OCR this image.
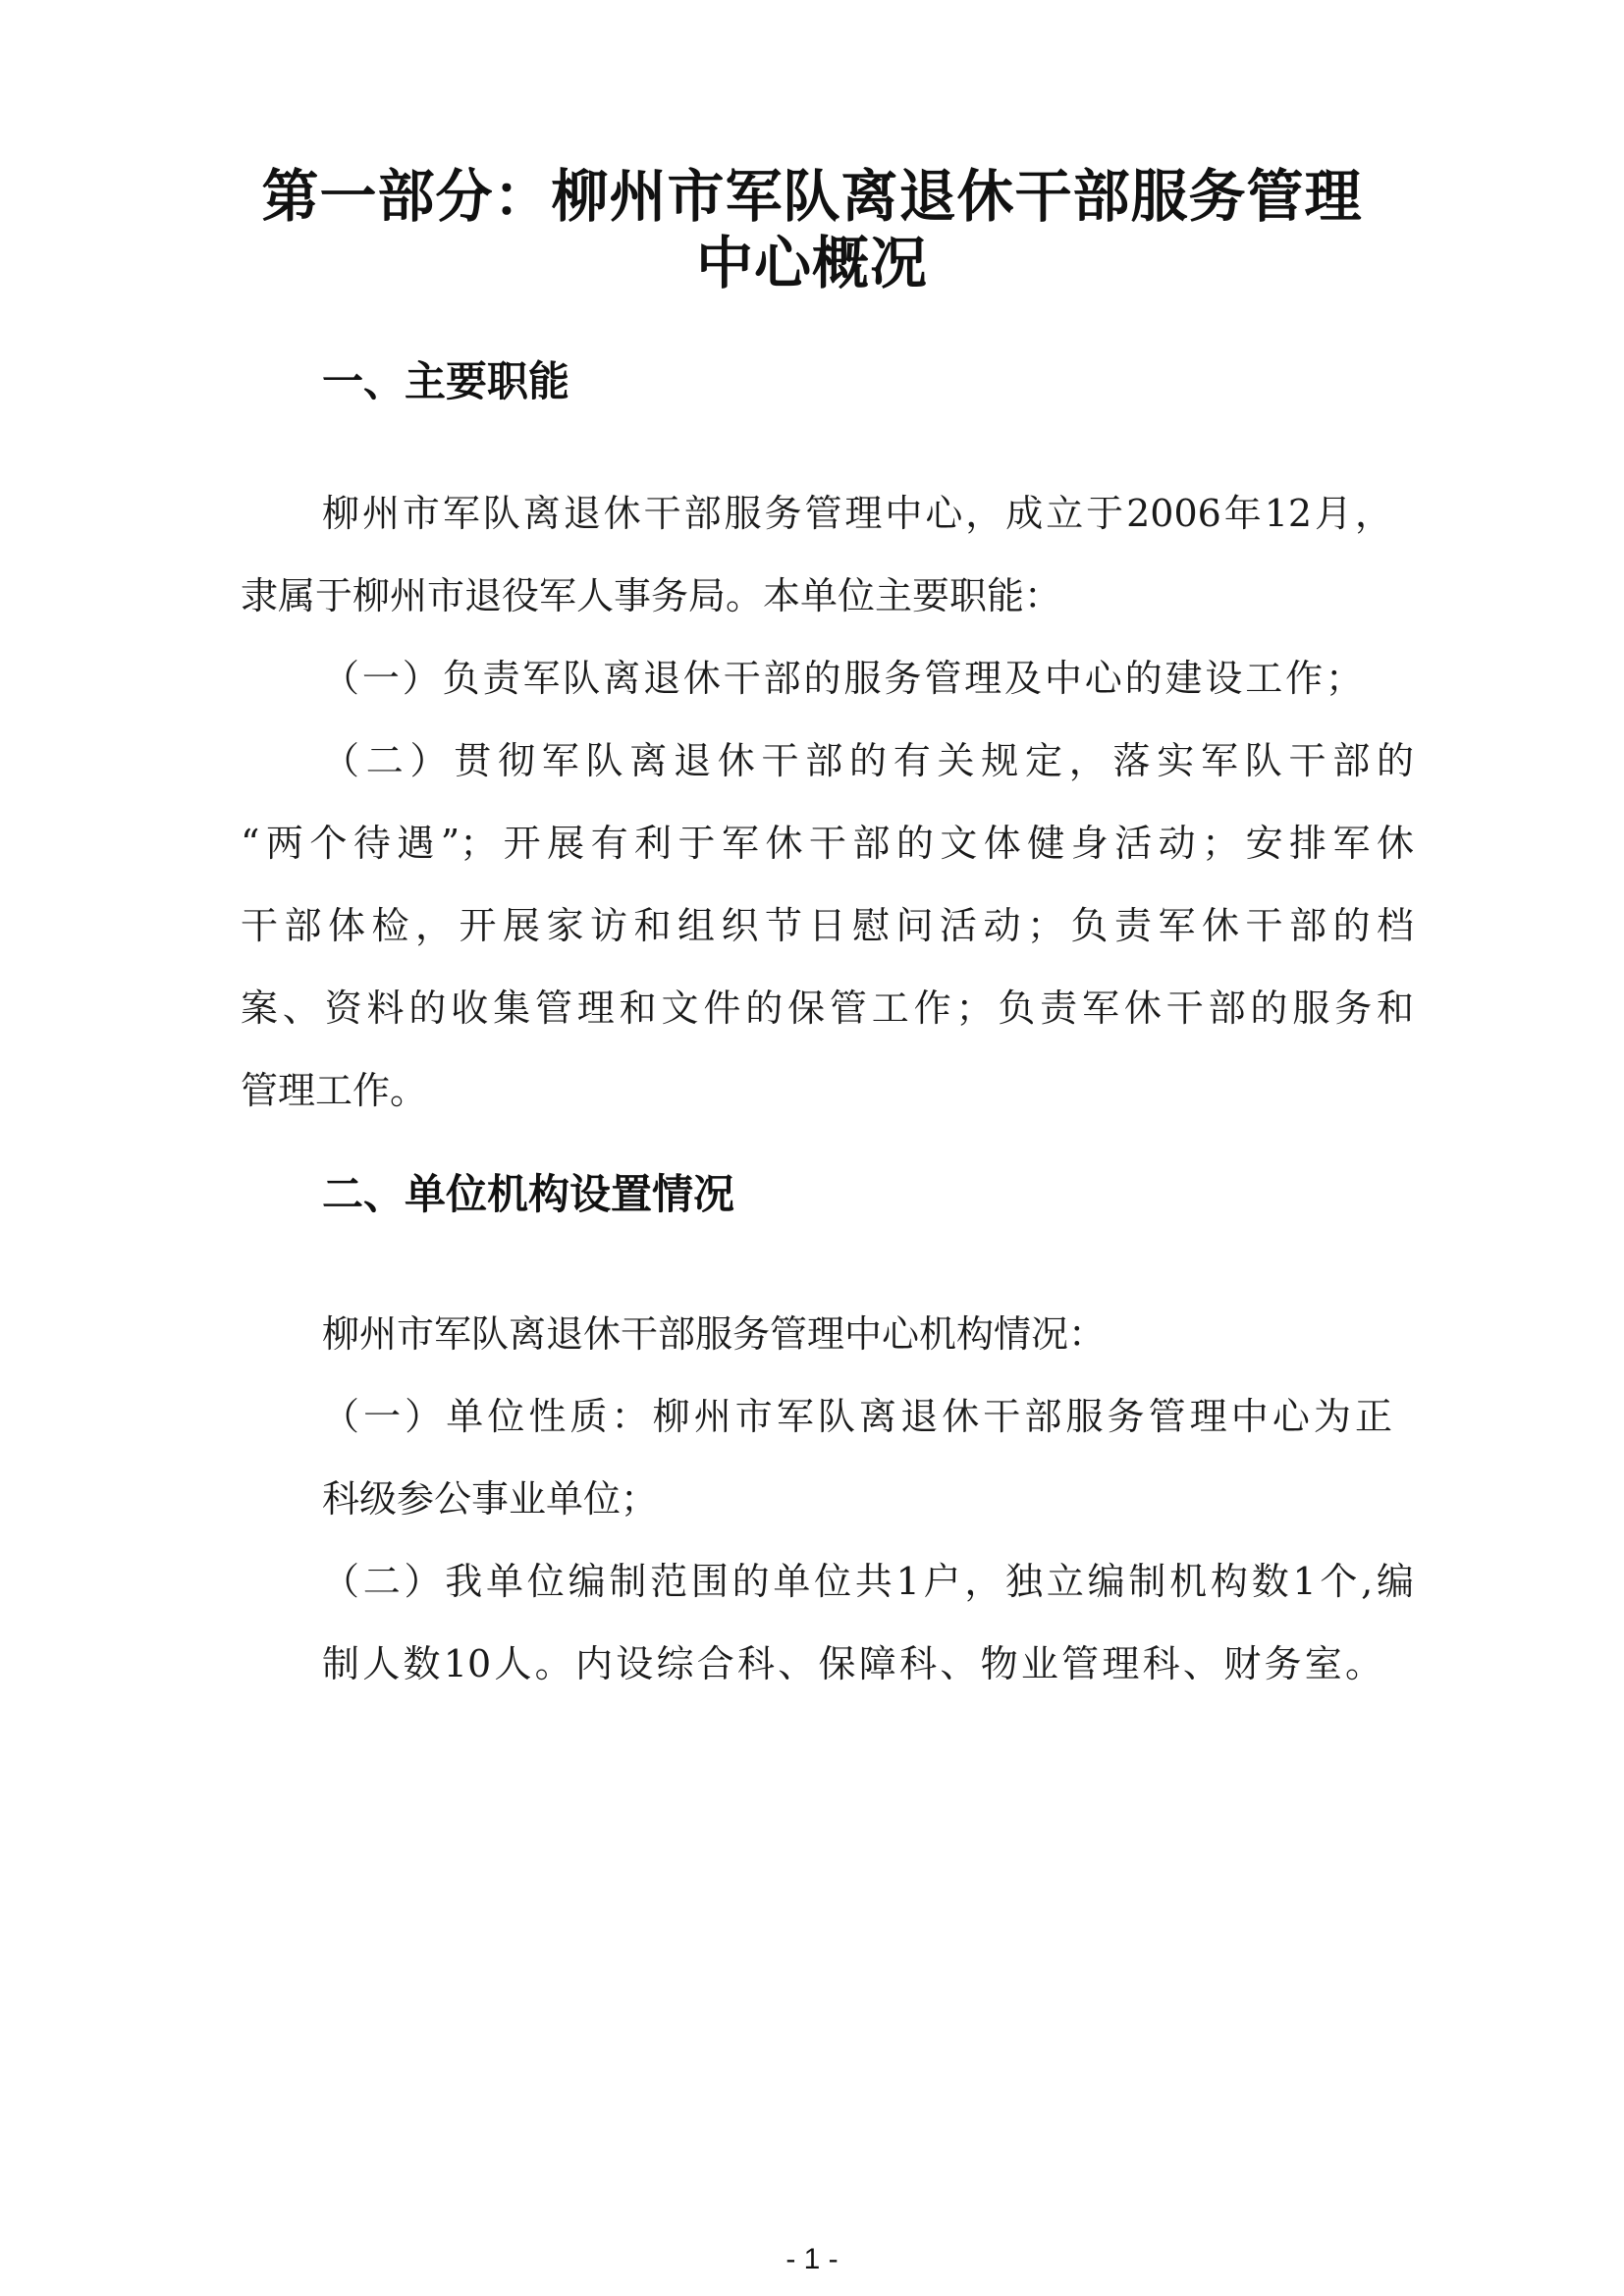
第一部分：柳州市军队离退休干部服务管理
中心概况
一、主要职能
柳州市军队离退休干部服务管理中心，成立于2006年12月，
隶属于柳州市退役军人事务局。本单位主要职能：
（一）负责军队离退休干部的服务管理及中心的建设工作；
（二）贯彻军队离退休干部的有关规定，落实军队干部的
“两个待遇”；开展有利于军休干部的文体健身活动；安排军休
干部体检，开展家访和组织节日慰问活动；负责军休干部的档
案、资料的收集管理和文件的保管工作；负责军休干部的服务和
管理工作。
二、单位机构设置情况
柳州市军队离退休干部服务管理中心机构情况：
（一）单位性质：柳州市军队离退休干部服务管理中心为正
科级参公事业单位；
（二）我单位编制范围的单位共1户，独立编制机构数1个,编
制人数10人。内设综合科、保障科、物业管理科、财务室。
- 1 -
